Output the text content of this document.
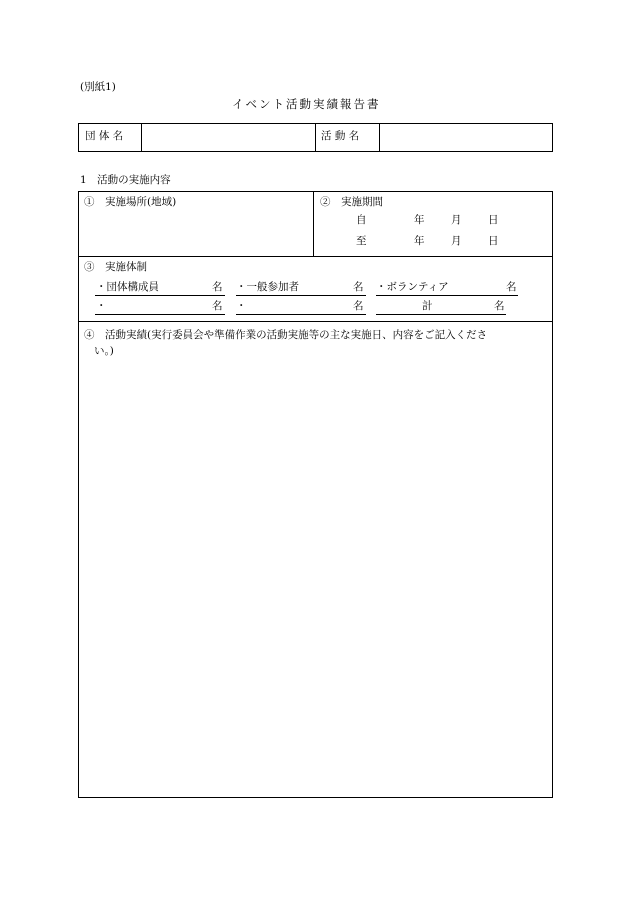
(別紙1)
イベント活動実績報告書
団 体 名	活 動 名
1　活動の実施内容
①　実施場所(地域)	②　実施期間
自	年	月	日
至	年	月	日
③　実施体制
・団体構成員	名 ・一般参加者	名 ・ボランティア	名
・	名 ・	名	計	名
④　活動実績(実行委員会や準備作業の活動実施等の主な実施日、内容をご記入くださ
い。)
